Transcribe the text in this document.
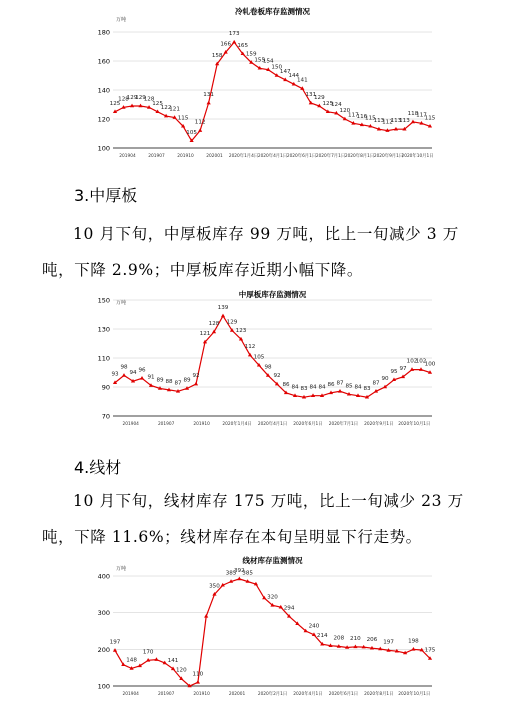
冷轧卷板库存监测情况
万吨
100
120
140
160
180
201904	201907	201910	202001 2020年1月4日 2020年4月1日 2020年6月1日 2020年7月1日 2020年8月1日 2020年9月1日
2020年10月1日
125
128
129
129
128
125
122
121
115
105
112
131
158
166
173
165
159
155
154
150
147
144
141
131
129
125
124
120
117
116
115
113
112
113
113
118
117
115
3.中厚板

10 月下旬，中厚板库存 99 万吨，比上一旬减少 3 万吨，下降 2.9%；中厚板库存近期小幅下降。

中厚板库存监测情况
万吨
70
90
110
130
150
201904	201907	201910	2020年1月4日 2020年4月1日 2020年6月1日 2020年7月1日 2020年9月1日 2020年10月1日
93
98
94 96
91 89 88 87 89
92
121
128
139
129
123
112
105
98
92
86 84 83 84 84 86 87 85 84 83
87
90
95 97
102
102
100
4.线材

10 月下旬，线材库存 175 万吨，比上一旬减少 23 万吨，下降 11.6%；线材库存在本旬呈明显下行走势。

线材库存监测情况
万吨
100
200
300
400
201904	201907	201910	202001	2020年2月1日 2020年4月1日 2020年6月1日 2020年8月1日 2020年10月1日
197
148
170
141
120
110
350
385
392
385
320
294
240
214 208 210 206 197	198
175
